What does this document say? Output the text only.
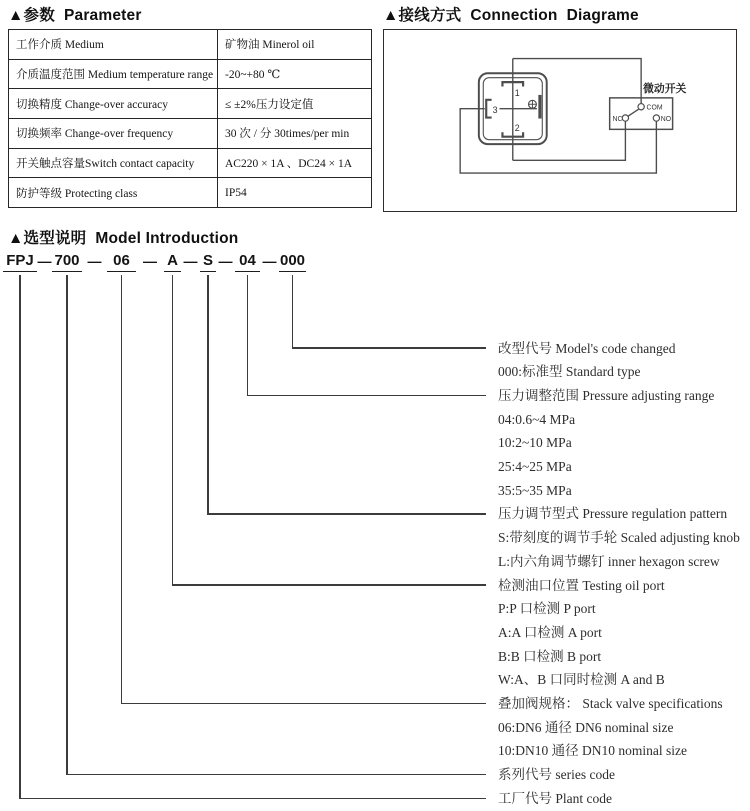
▲参数  Parameter	▲接线方式  Connection  Diagrame
▲选型说明  Model Introduction
工作介质 Medium	矿物油 Minerol oil
介质温度范围 Medium temperature range	-20~+80 ℃
切换精度 Change-over accuracy	≤ ±2%压力设定值
切换频率 Change-over frequency	30 次 / 分 30times/per min
开关触点容量Switch contact capacity	AC220 × 1A 、DC24 × 1A
防护等级 Protecting class	IP54
微动开关
COM
NC	NO
1
2
3
FPJ — 700 — 06 — A — S — 04 — 000
改型代号 Model's code changed
000:标准型 Standard type
压力调整范围 Pressure adjusting range
04:0.6~4 MPa
10:2~10 MPa
25:4~25 MPa
35:5~35 MPa
压力调节型式 Pressure regulation pattern
S:带刻度的调节手轮 Scaled adjusting knob
L:内六角调节螺钉 inner hexagon screw
检测油口位置 Testing oil port
P:P 口检测 P port
A:A 口检测 A port
B:B 口检测 B port
W:A、B 口同时检测 A and B
叠加阀规格： Stack valve specifications
06:DN6 通径 DN6 nominal size
10:DN10 通径 DN10 nominal size
系列代号 series code
工厂代号 Plant code
